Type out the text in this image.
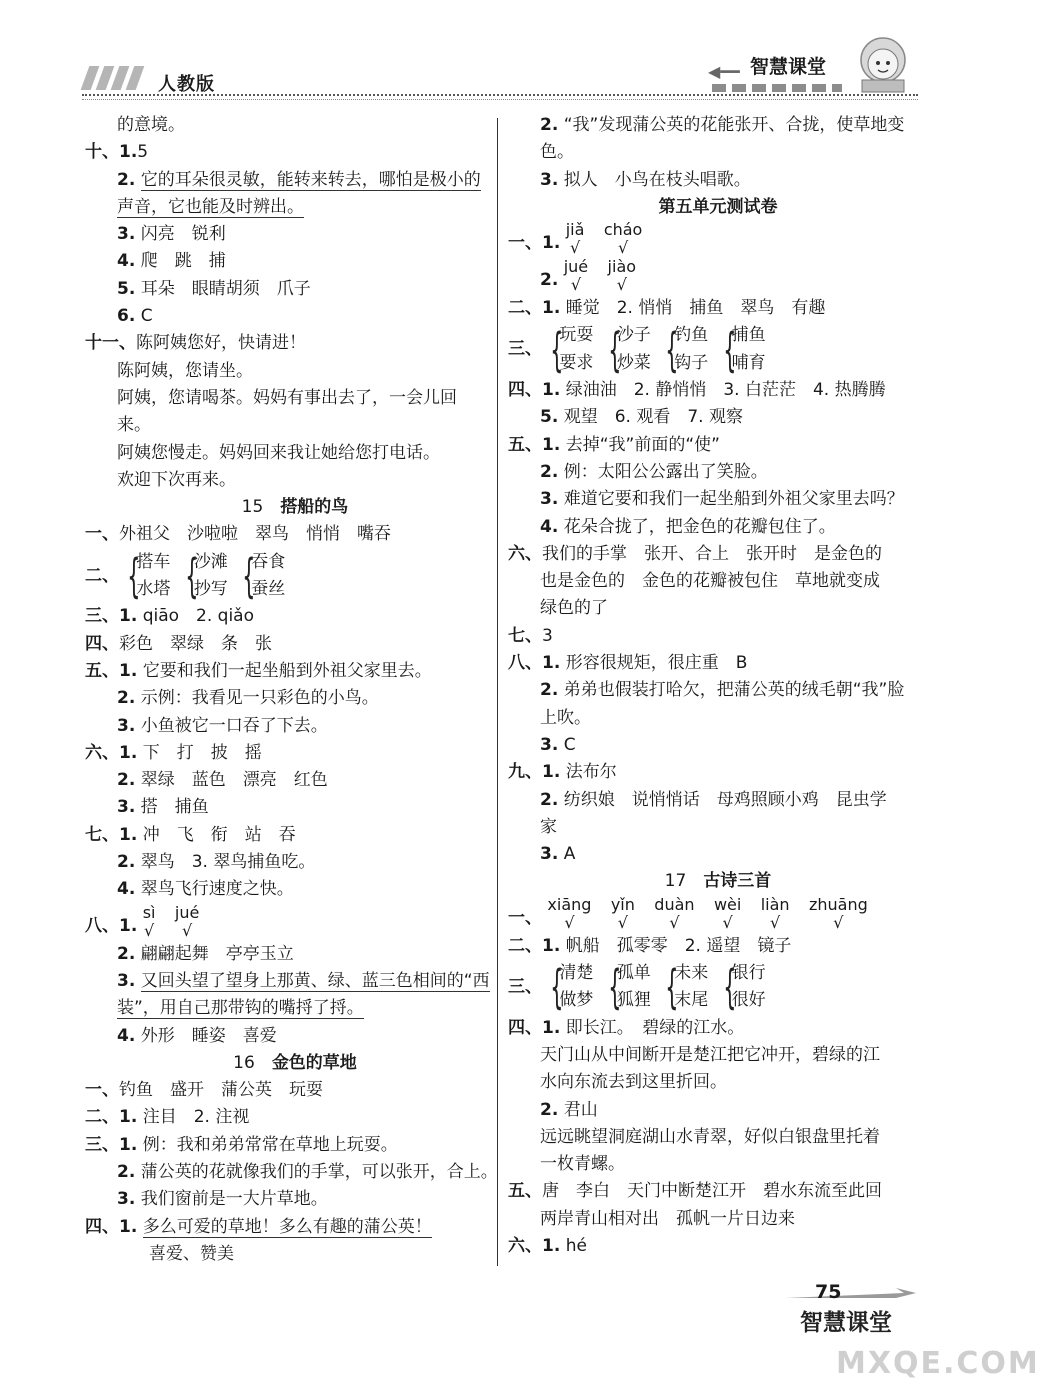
人教版
◀━━ 智慧课堂
的意境。
十、1.5
2. 它的耳朵很灵敏，能转来转去，哪怕是极小的
声音，它也能及时辨出。
3. 闪亮　锐利
4. 爬　跳　捕
5. 耳朵　眼睛胡须　爪子
6. C
十一、陈阿姨您好，快请进！
陈阿姨，您请坐。
阿姨，您请喝茶。妈妈有事出去了，一会儿回
来。
阿姨您慢走。妈妈回来我让她给您打电话。
欢迎下次再来。
15　 搭船的鸟
一、外祖父　沙啦啦　翠鸟　悄悄　嘴吞
二、 {
搭车
水塔
{
沙滩
抄写
{
吞食
蚕丝
三、1. qiāo　2. qiǎo
四、彩色　翠绿　条　张
五、1. 它要和我们一起坐船到外祖父家里去。
2. 示例：我看见一只彩色的小鸟。
3. 小鱼被它一口吞了下去。
六、1. 下　打　披　摇
2. 翠绿　蓝色　漂亮　红色
3. 搭　捕鱼
七、1. 冲　飞　衔　站　吞
2. 翠鸟　3. 翠鸟捕鱼吃。
4. 翠鸟飞行速度之快。
八、1.
sì
√

jué
√
2. 翩翩起舞　亭亭玉立
3. 又回头望了望身上那黄、绿、蓝三色相间的“西
装”，用自己那带钩的嘴捋了捋。
4. 外形　睡姿　喜爱
16　 金色的草地
一、钓鱼　盛开　蒲公英　玩耍
二、1. 注目　2. 注视
三、1. 例：我和弟弟常常在草地上玩耍。
2. 蒲公英的花就像我们的手掌，可以张开，合上。
3. 我们窗前是一大片草地。
四、1. 多么可爱的草地！多么有趣的蒲公英！
喜爱、赞美
2. “我”发现蒲公英的花能张开、合拢，使草地变
色。
3. 拟人　小鸟在枝头唱歌。
第五单元测试卷
一、1.
jiǎ
√

cháo
√
2.
jué
√

jiào
√
二、1. 睡觉　2. 悄悄　捕鱼　翠鸟　有趣
三、 {
玩耍
要求
{
沙子
炒菜
{
钓鱼
钩子
{
捕鱼
哺育
四、1. 绿油油　2. 静悄悄　3. 白茫茫　4. 热腾腾
5. 观望　6. 观看　7. 观察
五、1. 去掉“我”前面的“使”
2. 例：太阳公公露出了笑脸。
3. 难道它要和我们一起坐船到外祖父家里去吗？
4. 花朵合拢了，把金色的花瓣包住了。
六、我们的手掌　张开、合上　张开时　是金色的
也是金色的　金色的花瓣被包住　草地就变成
绿色的了
七、3
八、1. 形容很规矩，很庄重　B
2. 弟弟也假装打哈欠，把蒲公英的绒毛朝“我”脸
上吹。
3. C
九、1. 法布尔
2. 纺织娘　说悄悄话　母鸡照顾小鸡　昆虫学
家
3. A
17　 古诗三首
一、
xiāng
√

yǐn
√

duàn
√

wèi
√

liàn
√

zhuāng
√
二、1. 帆船　孤零零　2. 遥望　镜子
三、 {
清楚
做梦
{
孤单
狐狸
{
未来
末尾
{
银行
很好
四、1. 即长江。　碧绿的江水。
天门山从中间断开是楚江把它冲开，碧绿的江
水向东流去到这里折回。
2. 君山
远远眺望洞庭湖山水青翠，好似白银盘里托着
一枚青螺。
五、唐　李白　天门中断楚江开　碧水东流至此回
两岸青山相对出　孤帆一片日边来
六、1. hé
75
智慧课堂
MXQE.COM
